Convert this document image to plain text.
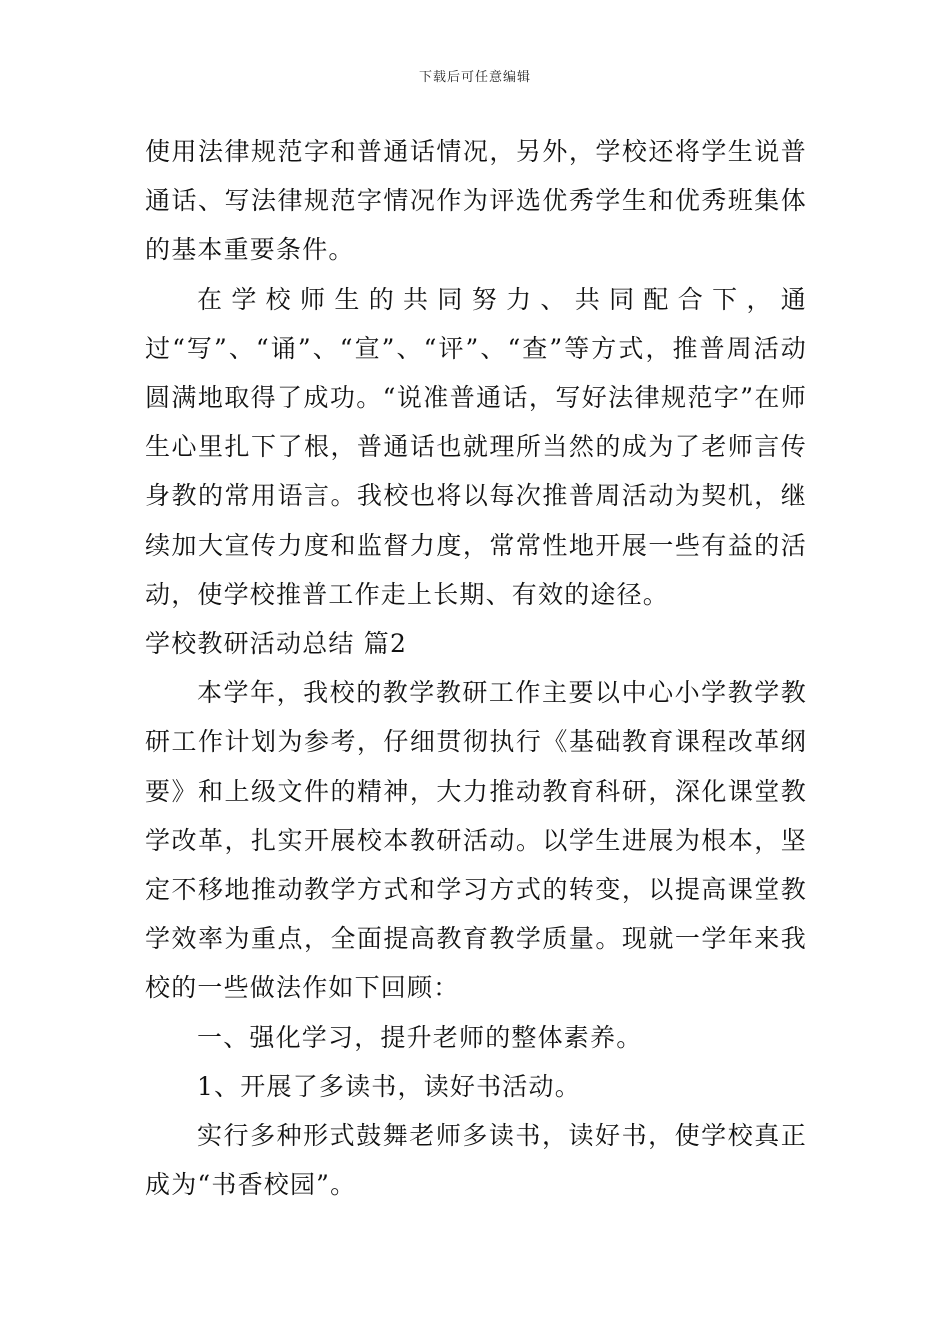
下载后可任意编辑

使用法律规范字和普通话情况，另外，学校还将学生说普通话、写法律规范字情况作为评选优秀学生和优秀班集体的基本重要条件。

在学校师生的共同努力、共同配合下，通过“写”、“诵”、“宣”、“评”、“查”等方式，推普周活动圆满地取得了成功。“说准普通话，写好法律规范字”在师生心里扎下了根，普通话也就理所当然的成为了老师言传身教的常用语言。我校也将以每次推普周活动为契机，继续加大宣传力度和监督力度，常常性地开展一些有益的活动，使学校推普工作走上长期、有效的途径。

学校教研活动总结 篇2

本学年，我校的教学教研工作主要以中心小学教学教研工作计划为参考，仔细贯彻执行《基础教育课程改革纲要》和上级文件的精神，大力推动教育科研，深化课堂教学改革，扎实开展校本教研活动。以学生进展为根本，坚定不移地推动教学方式和学习方式的转变，以提高课堂教学效率为重点，全面提高教育教学质量。现就一学年来我校的一些做法作如下回顾：

一、强化学习，提升老师的整体素养。

1、开展了多读书，读好书活动。

实行多种形式鼓舞老师多读书，读好书，使学校真正成为“书香校园”。
